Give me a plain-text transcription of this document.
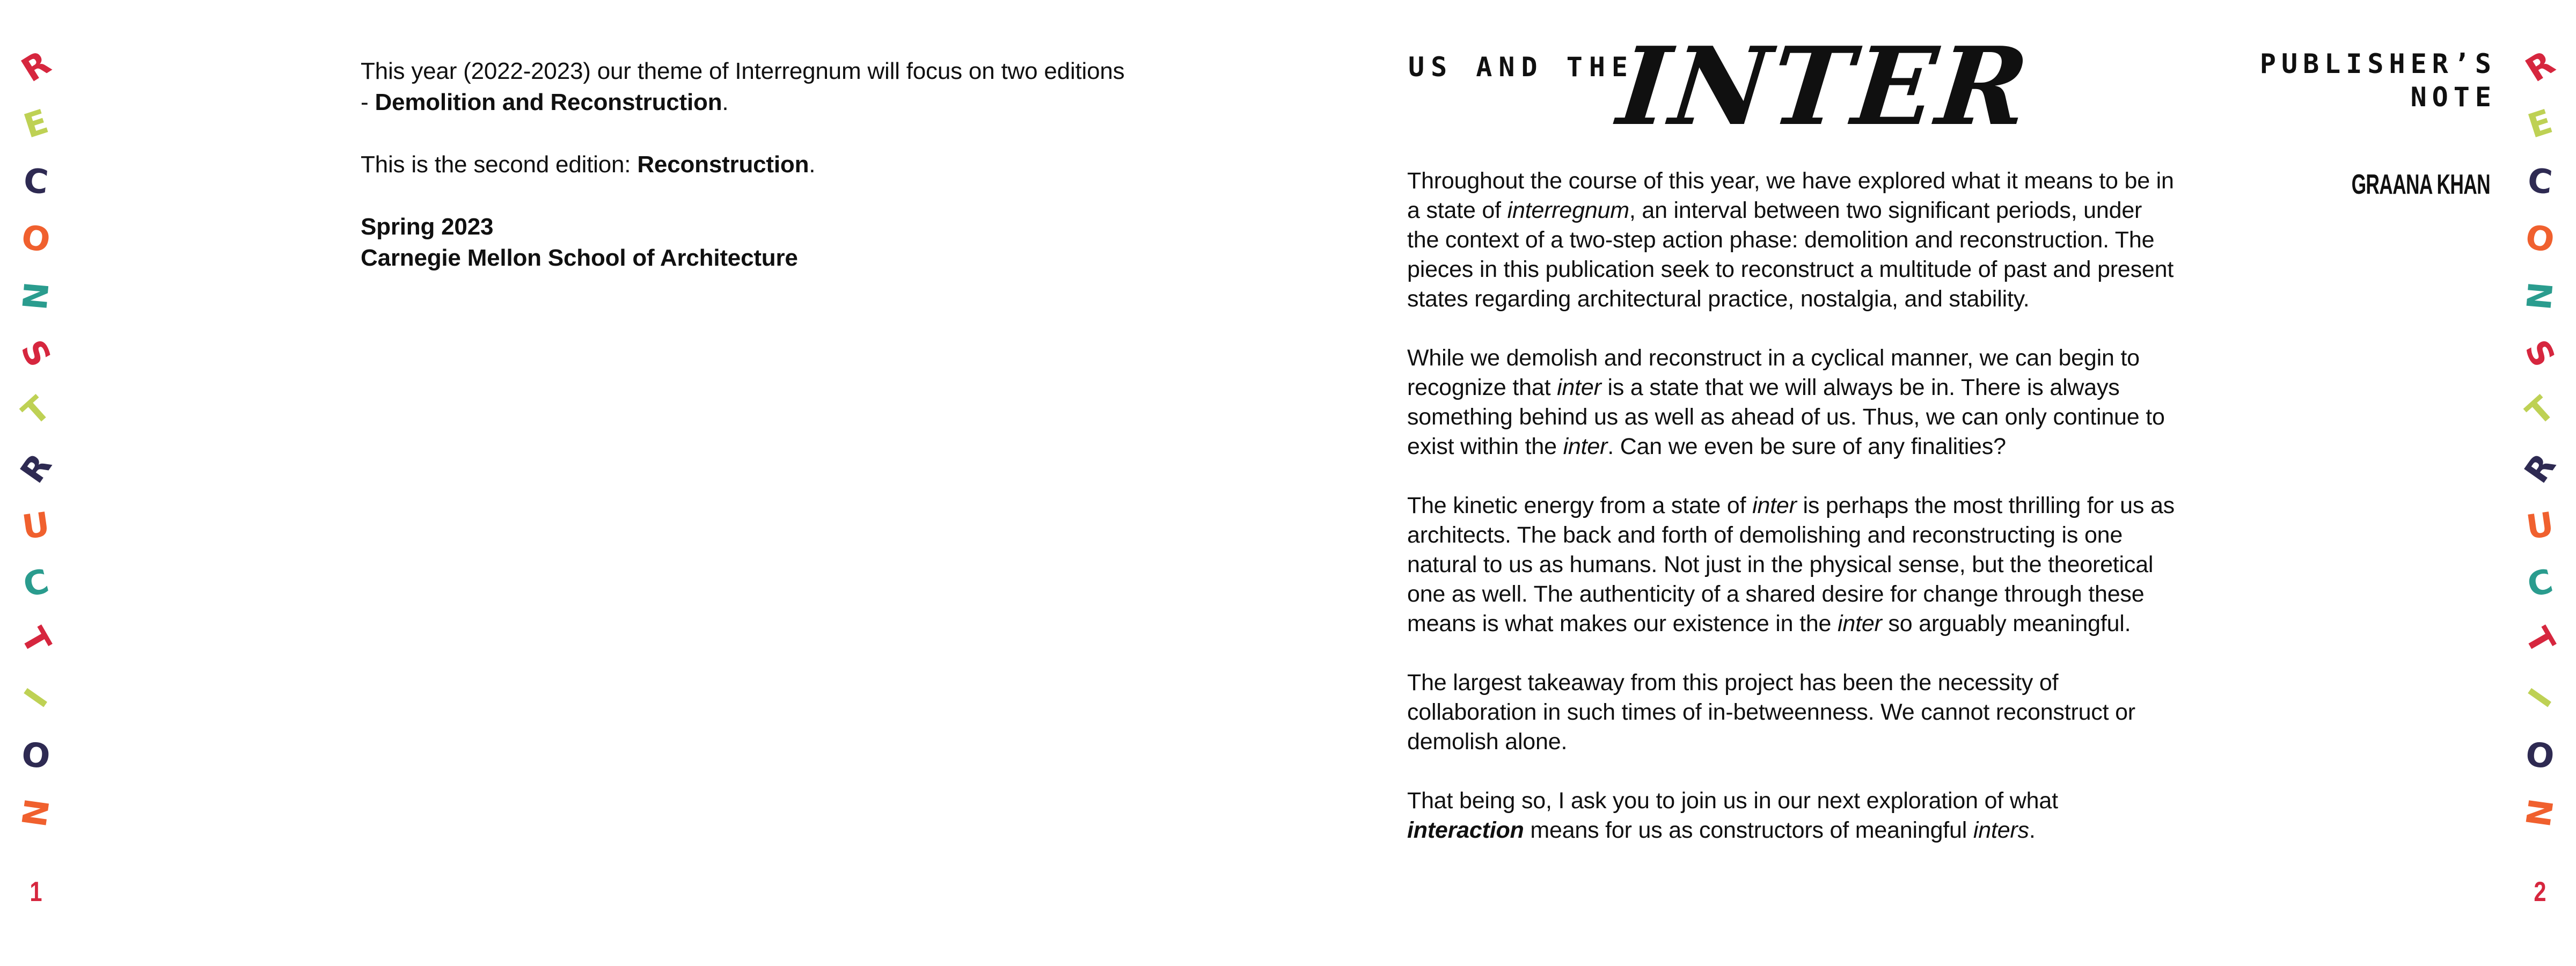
R
E
C
O
N
S
T
R
U
C
T
I
O
N
1
This year (2022-2023) our theme of Interregnum will focus on two editions - Demolition and Reconstruction.
This is the second edition: Reconstruction.
Spring 2023
Carnegie Mellon School of Architecture
US AND THE
INTER	PUBLISHER’S
NOTE
GRAANA KHAN
Throughout the course of this year, we have explored what it means to be in a state of interregnum, an interval between two significant periods, under the context of a two-step action phase: demolition and reconstruction. The pieces in this publication seek to reconstruct a multitude of past and present states regarding architectural practice, nostalgia, and stability.
While we demolish and reconstruct in a cyclical manner, we can begin to recognize that inter is a state that we will always be in. There is always something behind us as well as ahead of us. Thus, we can only continue to exist within the inter. Can we even be sure of any finalities?
The kinetic energy from a state of inter is perhaps the most thrilling for us as architects. The back and forth of demolishing and reconstructing is one natural to us as humans. Not just in the physical sense, but the theoretical one as well. The authenticity of a shared desire for change through these means is what makes our existence in the inter so arguably meaningful.
The largest takeaway from this project has been the necessity of collaboration in such times of in-betweenness. We cannot reconstruct or demolish alone.
That being so, I ask you to join us in our next exploration of what interaction means for us as constructors of meaningful inters.
R
E
C
O
N
S
T
R
U
C
T
I
O
N
2
